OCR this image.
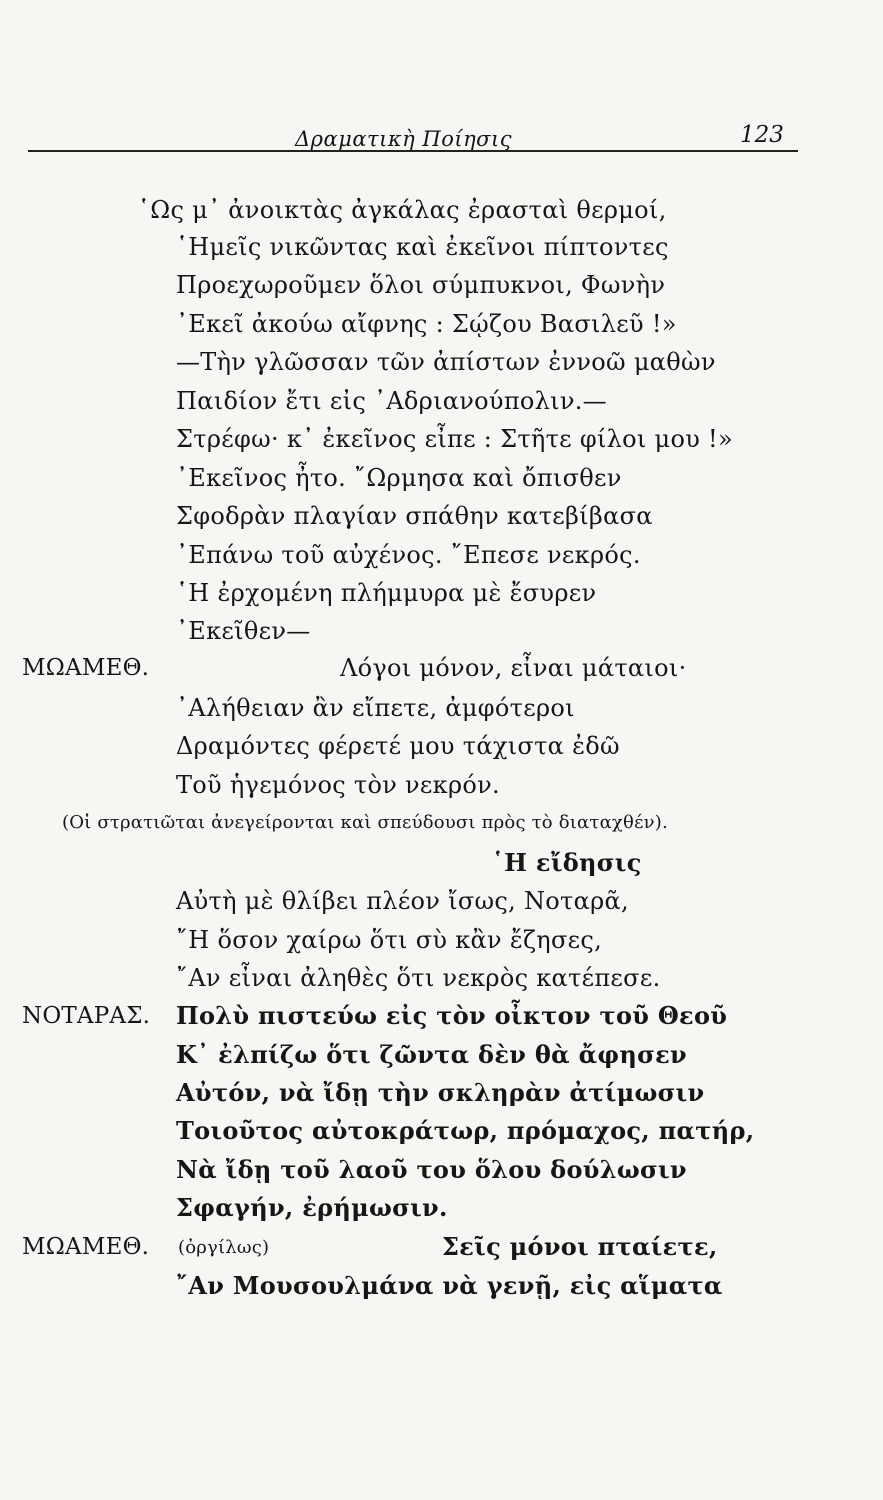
Δραματικὴ Ποίησις	123
̔Ως μ᾽ ἀνοικτὰς ἀγκάλας ἐρασταὶ θερμοί,
῾Ημεῖς νικῶντας καὶ ἐκεῖνοι πίπτοντες
Προεχωροῦμεν ὅλοι σύμπυκνοι, Φωνὴν
᾽Εκεῖ ἀκούω αἴφνης : Σῴζου Βασιλεῦ !»
—Τὴν γλῶσσαν τῶν ἀπίστων ἐννοῶ μαθὼν
Παιδίον ἔτι εἰς ᾽Αδριανούπολιν.—
Στρέφω· κ᾽ ἐκεῖνος εἶπε : Στῆτε φίλοι μου !»
᾽Εκεῖνος ἦτο. ῎Ωρμησα καὶ ὄπισθεν
Σφοδρὰν πλαγίαν σπάθην κατεβίβασα
᾽Επάνω τοῦ αὐχένος. ῎Επεσε νεκρός.
῾Η ἐρχομένη πλήμμυρα μὲ ἔσυρεν
᾽Εκεῖθεν—
ΜΩΑΜΕΘ.	Λόγοι μόνον, εἶναι μάταιοι·
᾽Αλήθειαν ἂν εἴπετε, ἀμφότεροι
Δραμόντες φέρετέ μου τάχιστα ἐδῶ
Τοῦ ἡγεμόνος τὸν νεκρόν.
(Οἱ στρατιῶται ἀνεγείρονται καὶ σπεύδουσι πρὸς τὸ διαταχθέν).
῾Η εἴδησις
Αὐτὴ μὲ θλίβει πλέον ἴσως, Νοταρᾶ,
῎Η ὅσον χαίρω ὅτι σὺ κἂν ἔζησες,
῎Αν εἶναι ἀληθὲς ὅτι νεκρὸς κατέπεσε.
ΝΟΤΑΡΑΣ. Πολὺ πιστεύω εἰς τὸν οἶκτον τοῦ Θεοῦ
Κ᾽ ἐλπίζω ὅτι ζῶντα δὲν θὰ ἄφησεν
Αὐτόν, νὰ ἴδῃ τὴν σκληρὰν ἀτίμωσιν
Τοιοῦτος αὐτοκράτωρ, πρόμαχος, πατήρ,
Νὰ ἴδῃ τοῦ λαοῦ του ὅλου δούλωσιν
Σφαγήν, ἐρήμωσιν.
ΜΩΑΜΕΘ. (ὀργίλως)	Σεῖς μόνοι πταίετε,
῎Αν Μουσουλμάνα νὰ γενῇ, εἰς αἵματα
